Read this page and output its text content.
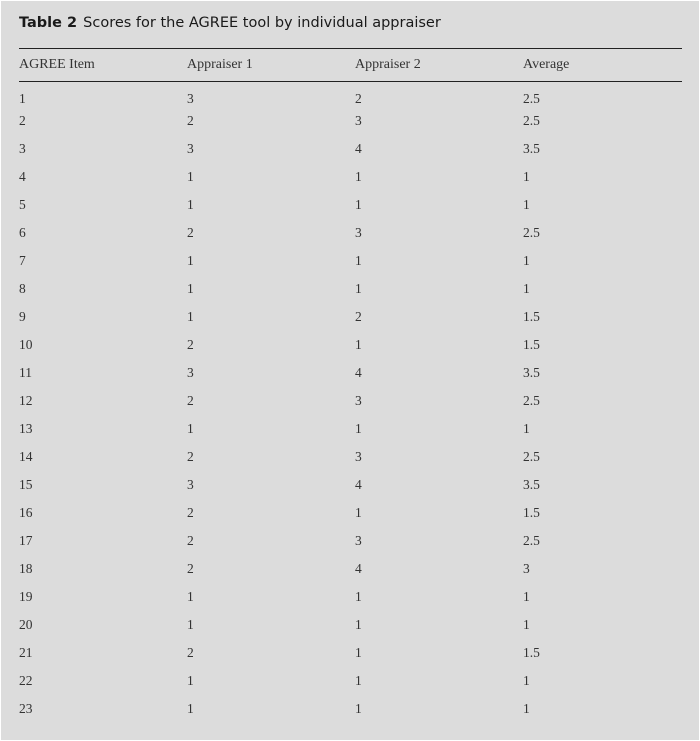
Table 2 Scores for the AGREE tool by individual appraiser
AGREE Item	Appraiser 1	Appraiser 2	Average
1	3	2	2.5
2	2	3	2.5
3	3	4	3.5
4	1	1	1
5	1	1	1
6	2	3	2.5
7	1	1	1
8	1	1	1
9	1	2	1.5
10	2	1	1.5
11	3	4	3.5
12	2	3	2.5
13	1	1	1
14	2	3	2.5
15	3	4	3.5
16	2	1	1.5
17	2	3	2.5
18	2	4	3
19	1	1	1
20	1	1	1
21	2	1	1.5
22	1	1	1
23	1	1	1
